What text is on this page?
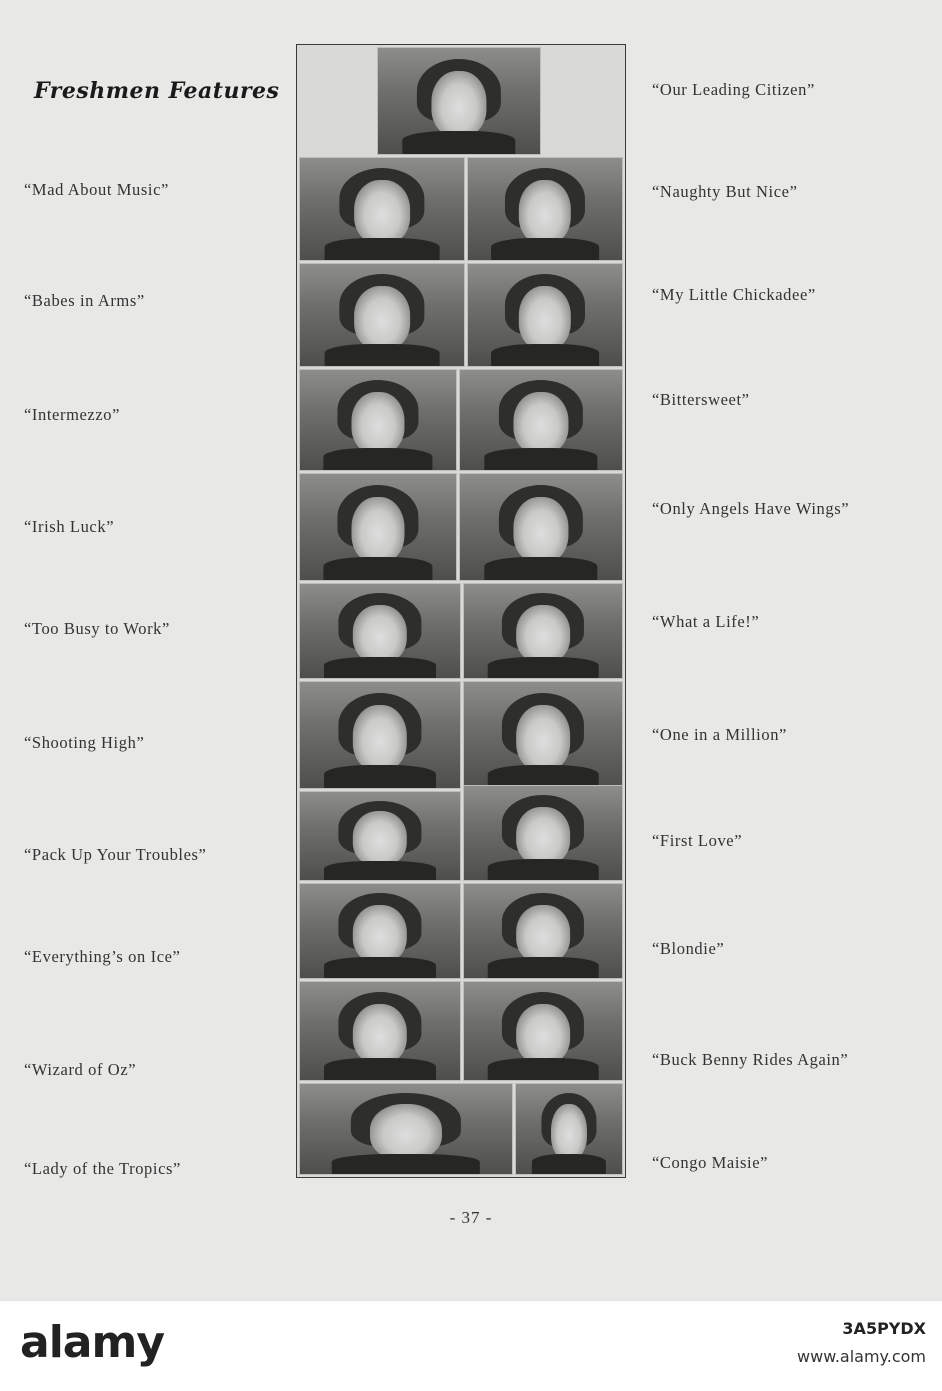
Freshmen Features
“Mad About Music”
“Babes in Arms”
“Intermezzo”
“Irish Luck”
“Too Busy to Work”
“Shooting High”
“Pack Up Your Troubles”
“Everything’s on Ice”
“Wizard of Oz”
“Lady of the Tropics”
“Our Leading Citizen”
“Naughty But Nice”
“My Little Chickadee”
“Bittersweet”
“Only Angels Have Wings”
“What a Life!”
“One in a Million”
“First Love”
“Blondie”
“Buck Benny Rides Again”
“Congo Maisie”
- 37 -
alamy	3A5PYDX
www.alamy.com
